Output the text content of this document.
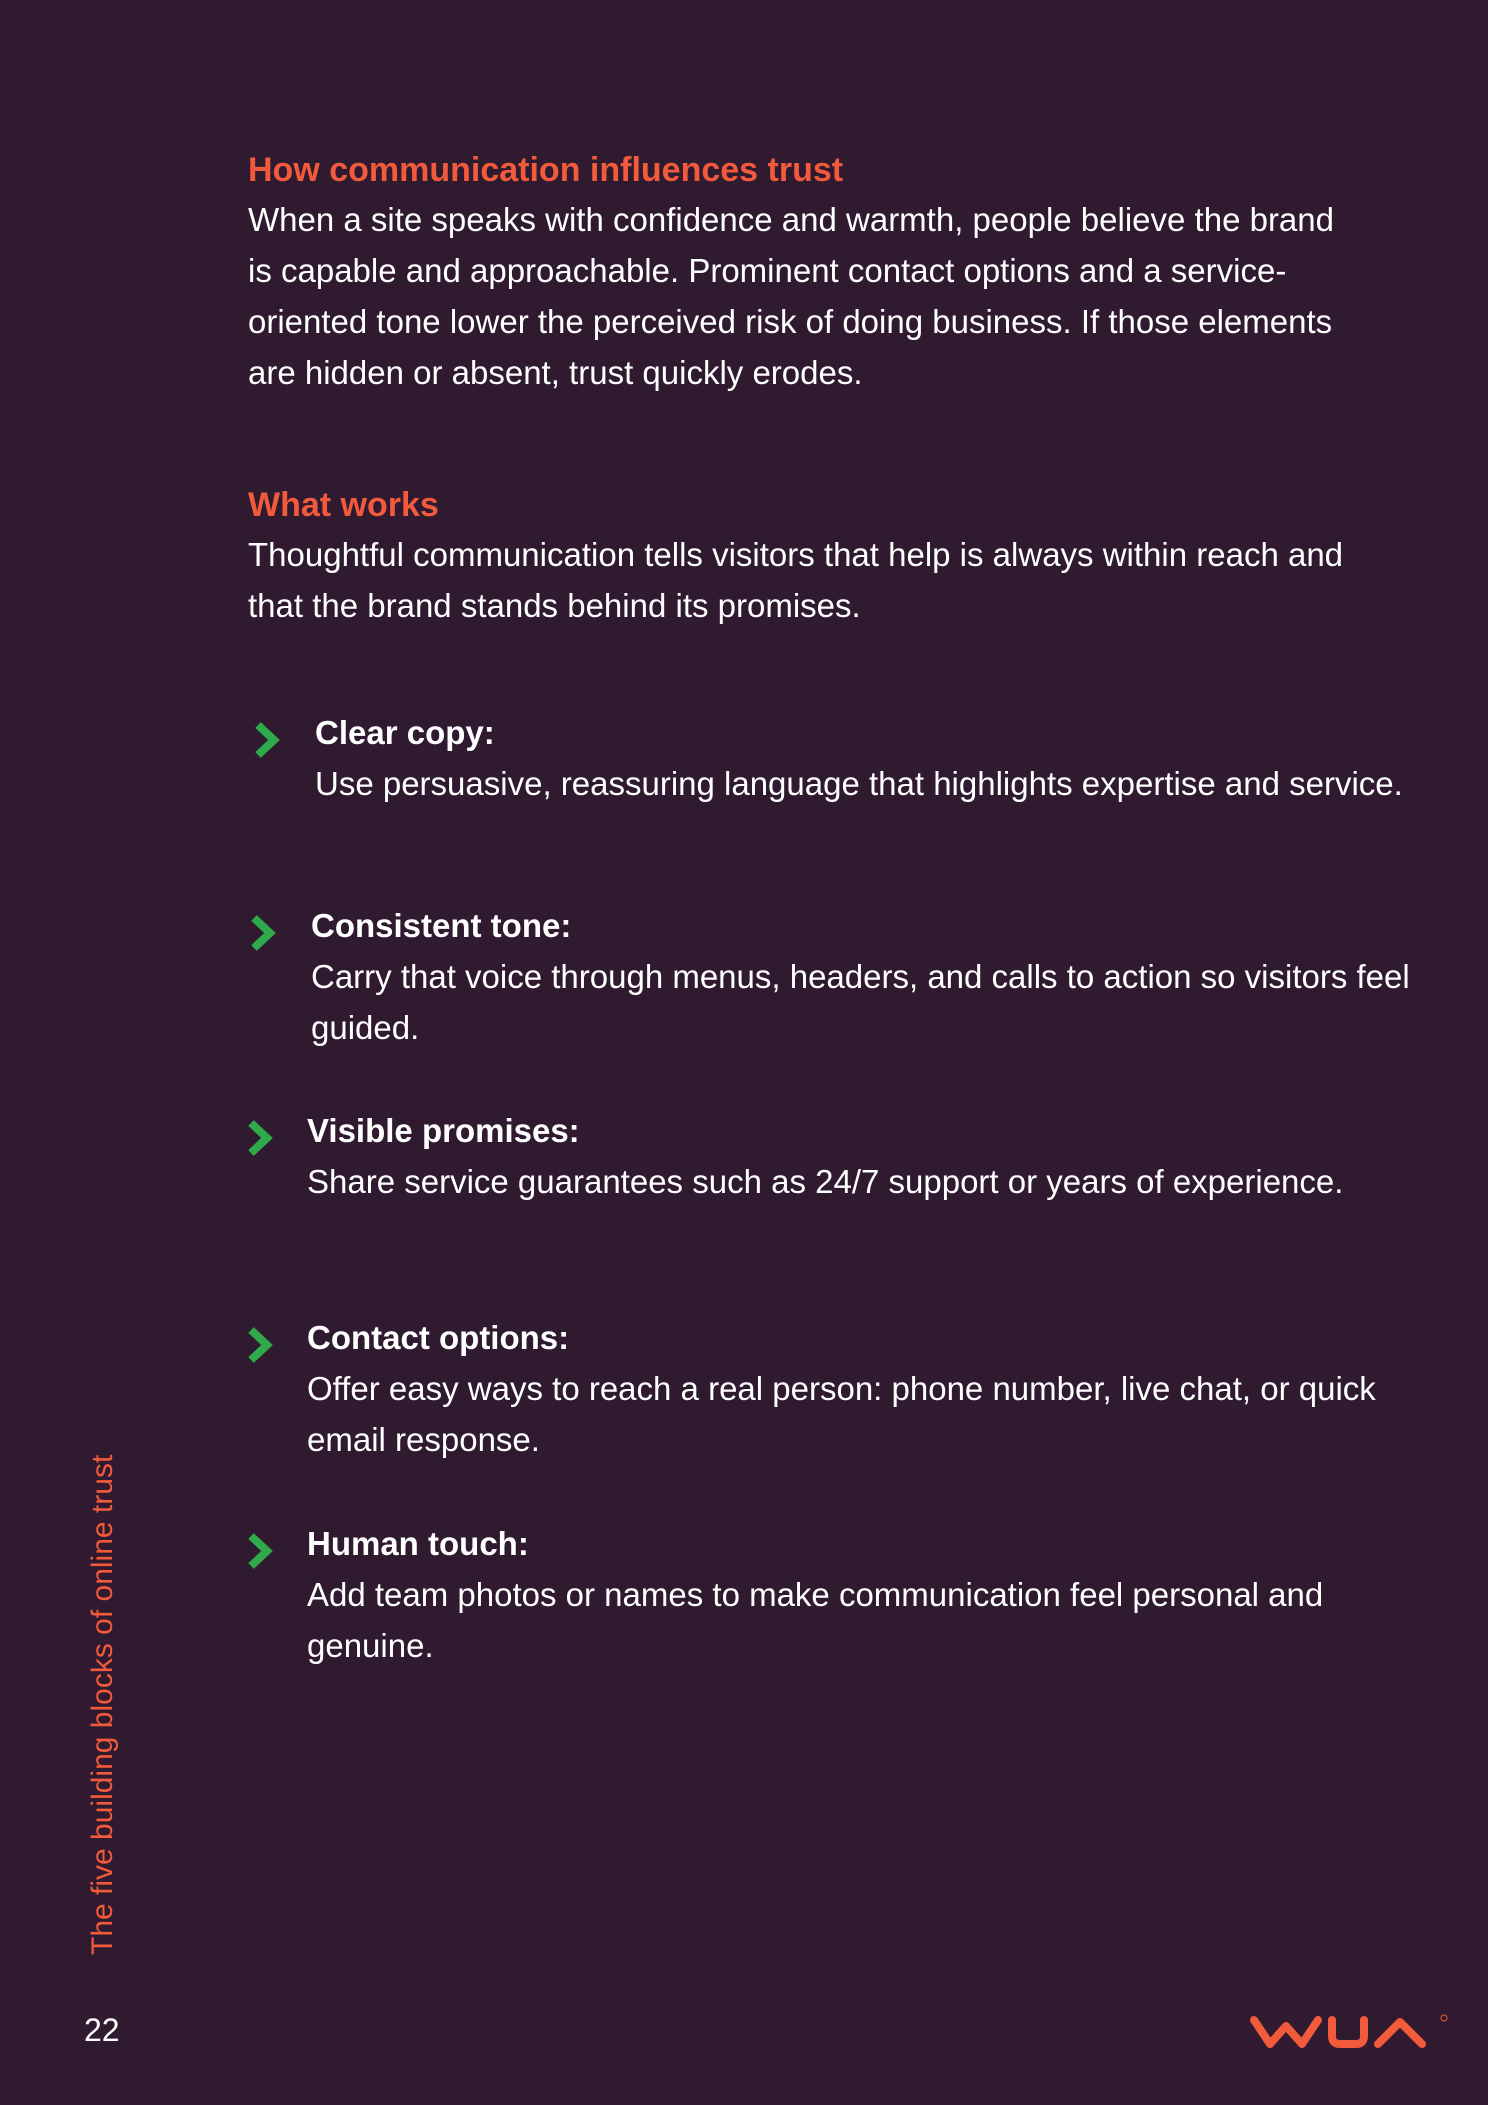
How communication influences trust

When a site speaks with confidence and warmth, people believe the brand is capable and approachable. Prominent contact options and a service-oriented tone lower the perceived risk of doing business. If those elements are hidden or absent, trust quickly erodes.

What works

Thoughtful communication tells visitors that help is always within reach and that the brand stands behind its promises.

Clear copy:
Use persuasive, reassuring language that highlights expertise and service.
Consistent tone:
Carry that voice through menus, headers, and calls to action so visitors feel guided.
Visible promises:
Share service guarantees such as 24/7 support or years of experience.
Contact options:
Offer easy ways to reach a real person: phone number, live chat, or quick email response.
Human touch:
Add team photos or names to make communication feel personal and genuine.
The five building blocks of online trust
22
